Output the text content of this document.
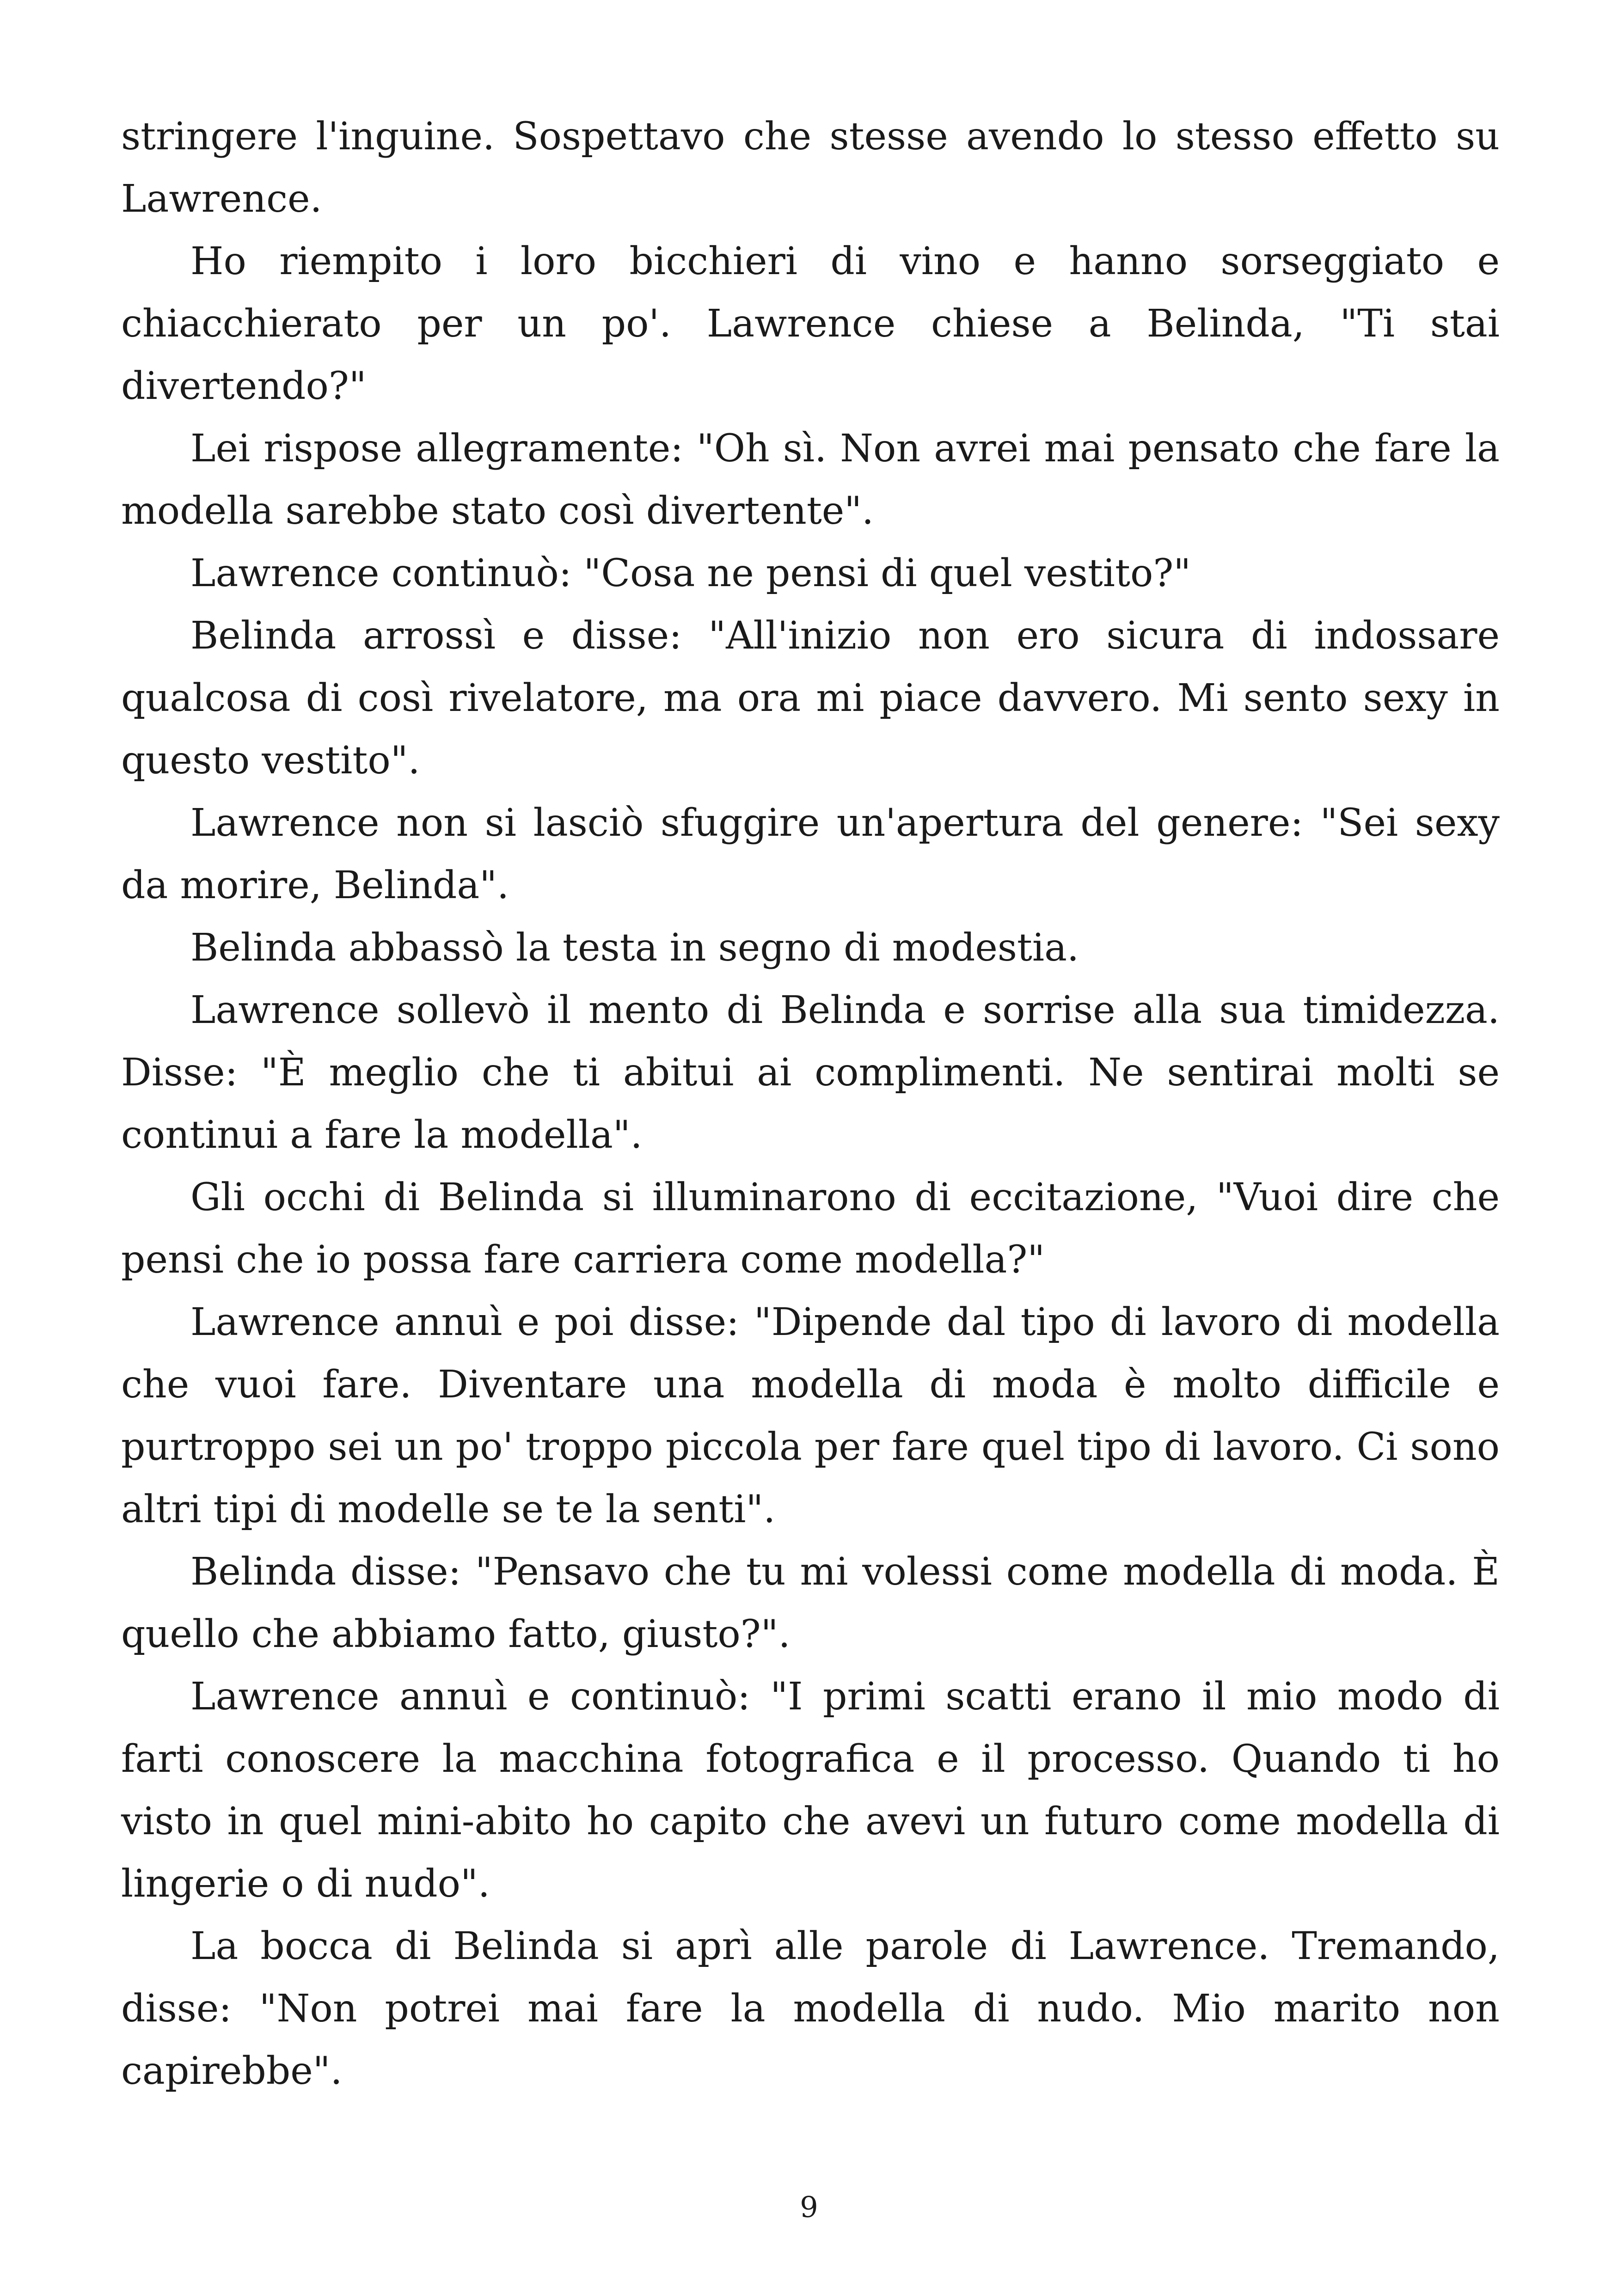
stringere l'inguine. Sospettavo che stesse avendo lo stesso effetto su Lawrence.

Ho riempito i loro bicchieri di vino e hanno sorseggiato e chiacchierato per un po'. Lawrence chiese a Belinda, "Ti stai divertendo?"

Lei rispose allegramente: "Oh sì. Non avrei mai pensato che fare la modella sarebbe stato così divertente".

Lawrence continuò: "Cosa ne pensi di quel vestito?"

Belinda arrossì e disse: "All'inizio non ero sicura di indossare qualcosa di così rivelatore, ma ora mi piace davvero. Mi sento sexy in questo vestito".

Lawrence non si lasciò sfuggire un'apertura del genere: "Sei sexy da morire, Belinda".

Belinda abbassò la testa in segno di modestia.

Lawrence sollevò il mento di Belinda e sorrise alla sua timidezza. Disse: "È meglio che ti abitui ai complimenti. Ne sentirai molti se continui a fare la modella".

Gli occhi di Belinda si illuminarono di eccitazione, "Vuoi dire che pensi che io possa fare carriera come modella?"

Lawrence annuì e poi disse: "Dipende dal tipo di lavoro di modella che vuoi fare. Diventare una modella di moda è molto difficile e purtroppo sei un po' troppo piccola per fare quel tipo di lavoro. Ci sono altri tipi di modelle se te la senti".

Belinda disse: "Pensavo che tu mi volessi come modella di moda. È quello che abbiamo fatto, giusto?".

Lawrence annuì e continuò: "I primi scatti erano il mio modo di farti conoscere la macchina fotografica e il processo. Quando ti ho visto in quel mini-abito ho capito che avevi un futuro come modella di lingerie o di nudo".

La bocca di Belinda si aprì alle parole di Lawrence. Tremando, disse: "Non potrei mai fare la modella di nudo. Mio marito non capirebbe".

9
